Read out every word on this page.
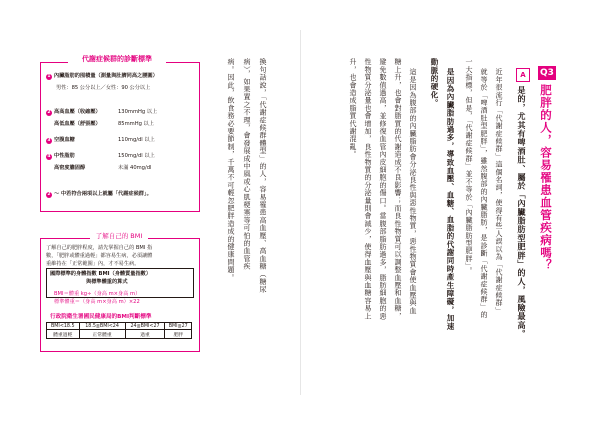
代謝症候群的診斷標準
1 內臟脂肪的囤積量（測量與肚臍同高之腰圍）
男性：85 公分以上／女性：90 公分以上
2 高高血壓（收縮壓）	130mmHg 以上
高低血壓（舒張壓）	85mmHg 以上
3 空腹血糖	110mg/dl 以上
4 中性脂肪	150mg/dl 以上
高密度膽固醇	未滿 40mg/dl
2 〜 中若符合兩項以上就屬「代謝症候群」。
了解自己的 BMI
了解自己的肥胖程度，請先掌握自己的 BMI 指
數，「肥胖或體重過輕」都容易生病，必須讓體
重維持在「正常範圍」內，才不易生病。
國際標準的身體指數 BMI（身體質量指數）
與標準體重的算式
BMI＝體重 kg÷（身高 m×身高 m）
標準體重＝（身高 m×身高 m）×22
行政院衛生署國民健康局的BMI判斷標準
BMI<18.5	18.5≦BMI<24	24≦BMI<27	BMI≧27
體重過輕	正常體重	過重	肥胖
換句話說，「代謝症候群體型」的人，容易罹患高血壓、高血糖（糖尿
病），如果置之不理，會發展成中風或心肌梗塞等可怕的血管疾
病。因此，飲食務必要節制，千萬不可輕忽肥胖造成的健康問題。	Q3
肥胖的人，容易罹患血管疾病嗎？
A
是的，尤其有啤酒肚、屬於「內臟脂肪型肥胖」的人，風險最高。
近年很流行「代謝症候群」這個名詞，使得有些人誤以為「代謝症候群」
就等於「啤酒肚型肥胖」，雖然腹部的內臟脂肪，是診斷「代謝症候群」的
一大指標，但是，「代謝症候群」並不等於「內臟脂肪型肥胖」。
是因為內臟脂肪過多，導致血壓、血糖、血脂的代謝同時產生障礙，加速
動脈的硬化。
這是因為腹部的內臟脂肪會分泌良性與惡性物質，惡性物質會使血壓與血
糖上升，也會對脂質的代謝造成不良影響；而良性物質可以調整血壓和血糖，
避免數值過高，並修復血管內皮細胞的傷口。當腹部脂肪過多，脂肪細胞的惡
性物質分泌量也會增加，良性物質的分泌量則會減少，使得血壓與血糖容易上
升，也會造成脂質代謝混亂。
